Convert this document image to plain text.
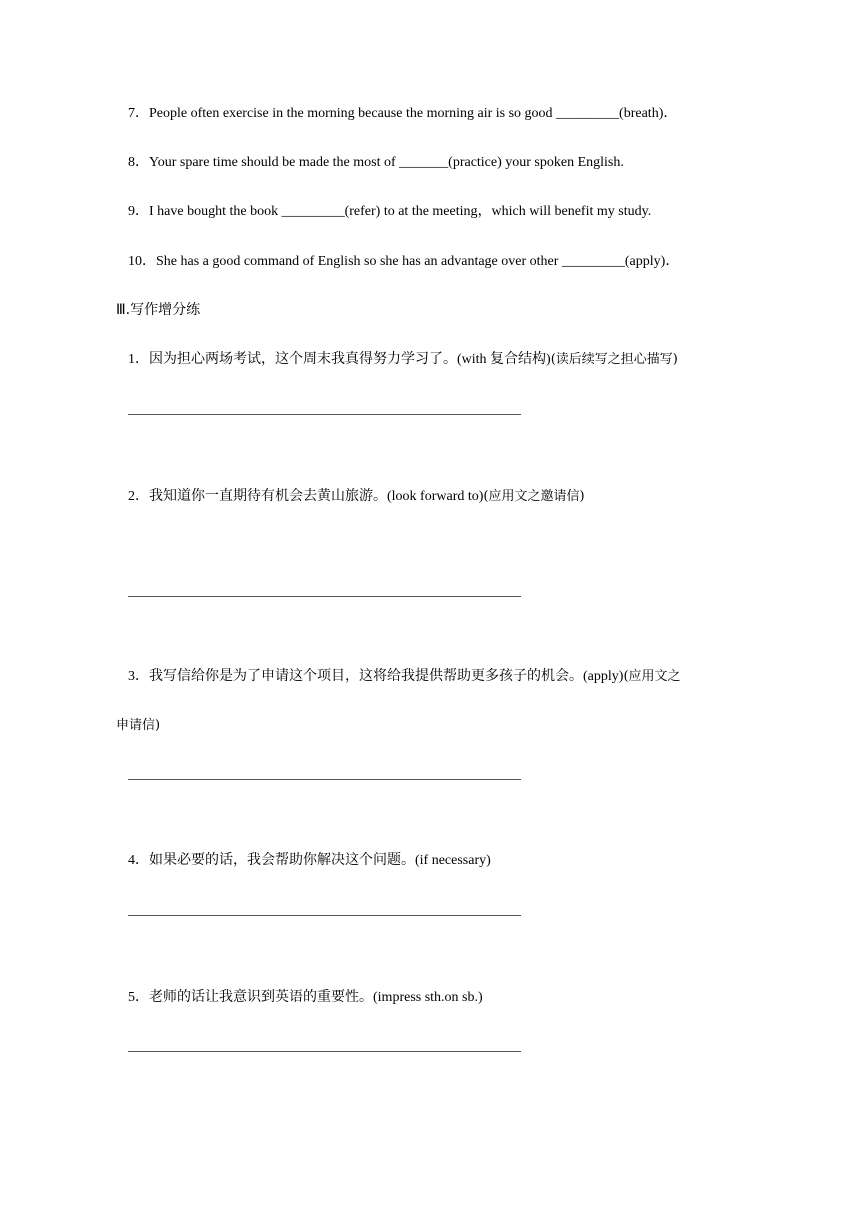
7．People often exercise in the morning because the morning air is so good _________(breath)．
8．Your spare time should be made the most of _______(practice) your spoken English.
9．I have bought the book _________(refer) to at the meeting，which will benefit my study.
10．She has a good command of English so she has an advantage over other _________(apply)．
Ⅲ.写作增分练
1．因为担心两场考试，这个周末我真得努力学习了。(with 复合结构)(读后续写之担心描写)
2．我知道你一直期待有机会去黄山旅游。(look forward to)(应用文之邀请信)
3．我写信给你是为了申请这个项目，这将给我提供帮助更多孩子的机会。(apply)(应用文之
申请信)
4．如果必要的话，我会帮助你解决这个问题。(if necessary)
5．老师的话让我意识到英语的重要性。(impress sth.on sb.)
